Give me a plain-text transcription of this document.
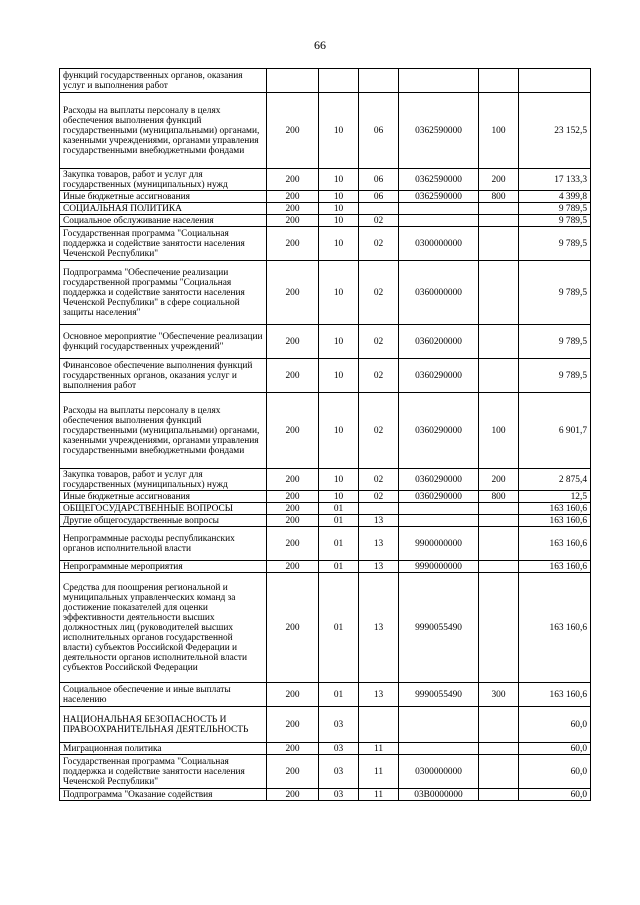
66
функций государственных органов, оказания услуг и выполнения работ						
Расходы на выплаты персоналу в целях обеспечения выполнения функций государственными (муниципальными) органами, казенными учреждениями, органами управления государственными внебюджетными фондами	200	10	06	0362590000	100	23 152,5
Закупка товаров, работ и услуг для государственных (муниципальных) нужд	200	10	06	0362590000	200	17 133,3
Иные бюджетные ассигнования	200	10	06	0362590000	800	4 399,8
СОЦИАЛЬНАЯ ПОЛИТИКА	200	10				9 789,5
Социальное обслуживание населения	200	10	02			9 789,5
Государственная программа "Социальная поддержка и содействие занятости населения Чеченской Республики"	200	10	02	0300000000		9 789,5
Подпрограмма "Обеспечение реализации государственной программы "Социальная поддержка и содействие занятости населения Чеченской Республики" в сфере социальной защиты населения"	200	10	02	0360000000		9 789,5
Основное мероприятие "Обеспечение реализации функций государственных учреждений"	200	10	02	0360200000		9 789,5
Финансовое обеспечение выполнения функций государственных органов, оказания услуг и выполнения работ	200	10	02	0360290000		9 789,5
Расходы на выплаты персоналу в целях обеспечения выполнения функций государственными (муниципальными) органами, казенными учреждениями, органами управления государственными внебюджетными фондами	200	10	02	0360290000	100	6 901,7
Закупка товаров, работ и услуг для государственных (муниципальных) нужд	200	10	02	0360290000	200	2 875,4
Иные бюджетные ассигнования	200	10	02	0360290000	800	12,5
ОБЩЕГОСУДАРСТВЕННЫЕ ВОПРОСЫ	200	01				163 160,6
Другие общегосударственные вопросы	200	01	13			163 160,6
Непрограммные расходы республиканских органов исполнительной власти	200	01	13	9900000000		163 160,6
Непрограммные мероприятия	200	01	13	9990000000		163 160,6
Средства для поощрения региональной и муниципальных управленческих команд за достижение показателей для оценки эффективности деятельности высших должностных лиц (руководителей высших исполнительных органов государственной власти) субъектов Российской Федерации и деятельности органов исполнительной власти субъектов Российской Федерации	200	01	13	9990055490		163 160,6
Социальное обеспечение и иные выплаты населению	200	01	13	9990055490	300	163 160,6
НАЦИОНАЛЬНАЯ БЕЗОПАСНОСТЬ И ПРАВООХРАНИТЕЛЬНАЯ ДЕЯТЕЛЬНОСТЬ	200	03				60,0
Миграционная политика	200	03	11			60,0
Государственная программа "Социальная поддержка и содействие занятости населения Чеченской Республики"	200	03	11	0300000000		60,0
Подпрограмма "Оказание содействия	200	03	11	03В0000000		60,0
